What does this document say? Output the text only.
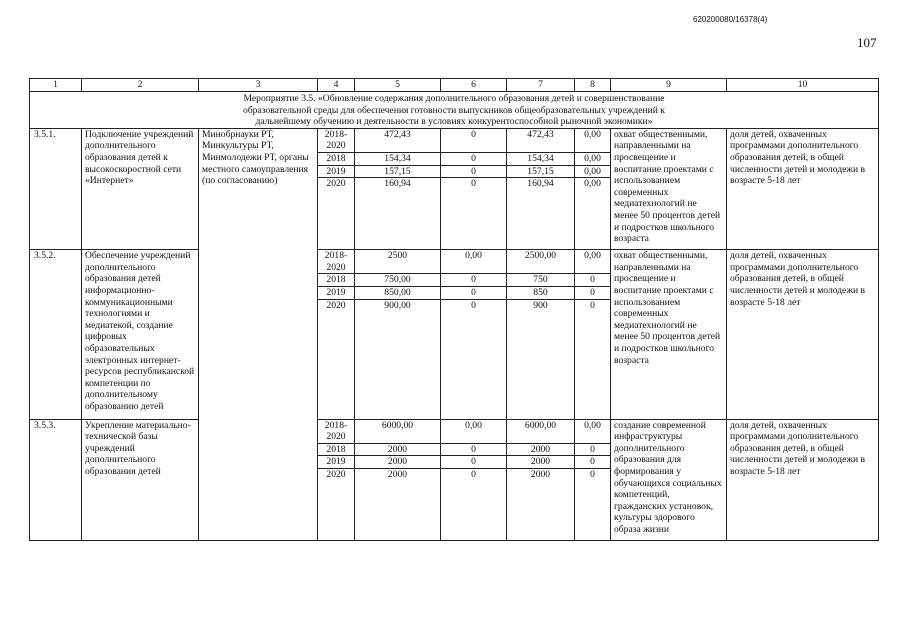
620200080/16378(4)
107
1	2	3	4	5	6	7	8	9	10
Мероприятие 3.5. «Обновление содержания дополнительного образования детей и совершенствование образовательной среды для обеспечения готовности выпускников общеобразовательных учреждений к дальнейшему обучению и деятельности в условиях конкурентоспособной рыночной экономики»									
3.5.1.	Подключение учреждений дополнительного образования детей к высокоскоростной сети «Интернет»	Минобрнауки РТ, Минкультуры РТ, Минмолодежи РТ, органы местного самоуправления (по согласованию)	2018-2020	472,43	0	472,43	0,00	охват общественными, направленными на просвещение и воспитание проектами с использованием современных медиатехнологий не менее 50 процентов детей и подростков школьного возраста	доля детей, охваченных программами дополнительного образования детей, в общей численности детей и молодежи в возрасте 5-18 лет
			2018	154,34	0	154,34	0,00		
			2019	157,15	0	157,15	0,00		
			2020	160,94	0	160,94	0,00		
3.5.2.	Обеспечение учреждений дополнительного образования детей информационно-коммуникационными технологиями и медиатекой, создание цифровых образовательных электронных интернет-ресурсов республиканской компетенции по дополнительному образованию детей		2018-2020	2500	0,00	2500,00	0,00	охват общественными, направленными на просвещение и воспитание проектами с использованием современных медиатехнологий не менее 50 процентов детей и подростков школьного возраста	доля детей, охваченных программами дополнительного образования детей, в общей численности детей и молодежи в возрасте 5-18 лет
			2018	750,00	0	750	0		
			2019	850,00	0	850	0		
			2020	900,00	0	900	0		
3.5.3.	Укрепление материально-технической базы учреждений дополнительного образования детей		2018-2020	6000,00	0,00	6000,00	0,00	создание современной инфраструктуры дополнительного образования для формирования у обучающихся социальных компетенций, гражданских установок, культуры здорового образа жизни	доля детей, охваченных программами дополнительного образования детей, в общей численности детей и молодежи в возрасте 5-18 лет
			2018	2000	0	2000	0		
			2019	2000	0	2000	0		
			2020	2000	0	2000	0		
